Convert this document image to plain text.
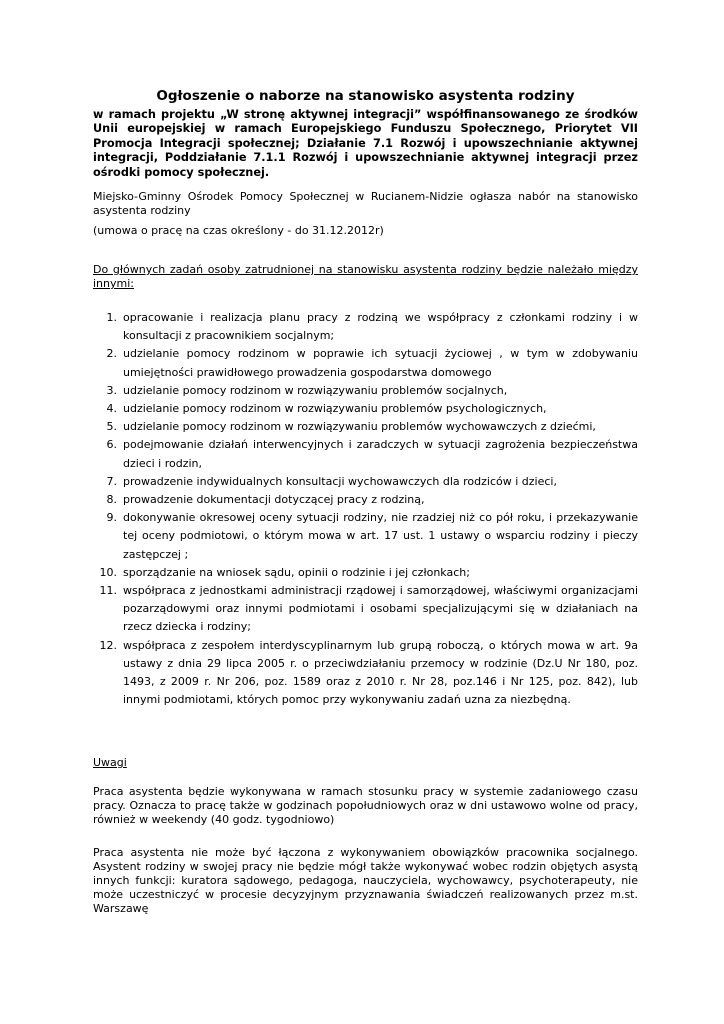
Ogłoszenie o naborze na stanowisko asystenta rodziny

w ramach projektu „W stronę aktywnej integracji” współfinansowanego ze środków Unii europejskiej w ramach Europejskiego Funduszu Społecznego, Priorytet VII Promocja Integracji społecznej; Działanie 7.1 Rozwój i upowszechnianie aktywnej integracji, Poddziałanie 7.1.1 Rozwój i upowszechnianie aktywnej integracji przez ośrodki pomocy społecznej.

Miejsko-Gminny Ośrodek Pomocy Społecznej w Rucianem-Nidzie ogłasza nabór na stanowisko asystenta rodziny

(umowa o pracę na czas określony - do 31.12.2012r)

Do głównych zadań osoby zatrudnionej na stanowisku asystenta rodziny będzie należało między innymi:

1. opracowanie i realizacja planu pracy z rodziną we współpracy z członkami rodziny i w konsultacji z pracownikiem socjalnym;
2. udzielanie pomocy rodzinom w poprawie ich sytuacji życiowej , w tym w zdobywaniu umiejętności prawidłowego prowadzenia gospodarstwa domowego
3. udzielanie pomocy rodzinom w rozwiązywaniu problemów socjalnych,
4. udzielanie pomocy rodzinom w rozwiązywaniu problemów psychologicznych,
5. udzielanie pomocy rodzinom w rozwiązywaniu problemów wychowawczych z dziećmi,
6. podejmowanie działań interwencyjnych i zaradczych w sytuacji zagrożenia bezpieczeństwa dzieci i rodzin,
7. prowadzenie indywidualnych konsultacji wychowawczych dla rodziców i dzieci,
8. prowadzenie dokumentacji dotyczącej pracy z rodziną,
9. dokonywanie okresowej oceny sytuacji rodziny, nie rzadziej niż co pół roku, i przekazywanie tej oceny podmiotowi, o którym mowa w art. 17 ust. 1 ustawy o wsparciu rodziny i pieczy zastępczej ;
10. sporządzanie na wniosek sądu, opinii o rodzinie i jej członkach;
11. współpraca z jednostkami administracji rządowej i samorządowej, właściwymi organizacjami pozarządowymi oraz innymi podmiotami i osobami specjalizującymi się w działaniach na rzecz dziecka i rodziny;
12. współpraca z zespołem interdyscyplinarnym lub grupą roboczą, o których mowa w art. 9a ustawy z dnia 29 lipca 2005 r. o przeciwdziałaniu przemocy w rodzinie (Dz.U Nr 180, poz. 1493, z 2009 r. Nr 206, poz. 1589 oraz z 2010 r. Nr 28, poz.146 i Nr 125, poz. 842), lub innymi podmiotami, których pomoc przy wykonywaniu zadań uzna za niezbędną.

Uwagi

Praca asystenta będzie wykonywana w ramach stosunku pracy w systemie zadaniowego czasu pracy. Oznacza to pracę także w godzinach popołudniowych oraz w dni ustawowo wolne od pracy, również w weekendy (40 godz. tygodniowo)

Praca asystenta nie może być łączona z wykonywaniem obowiązków pracownika socjalnego. Asystent rodziny w swojej pracy nie będzie mógł także wykonywać wobec rodzin objętych asystą innych funkcji: kuratora sądowego, pedagoga, nauczyciela, wychowawcy, psychoterapeuty, nie może uczestniczyć w procesie decyzyjnym przyznawania świadczeń realizowanych przez m.st. Warszawę
